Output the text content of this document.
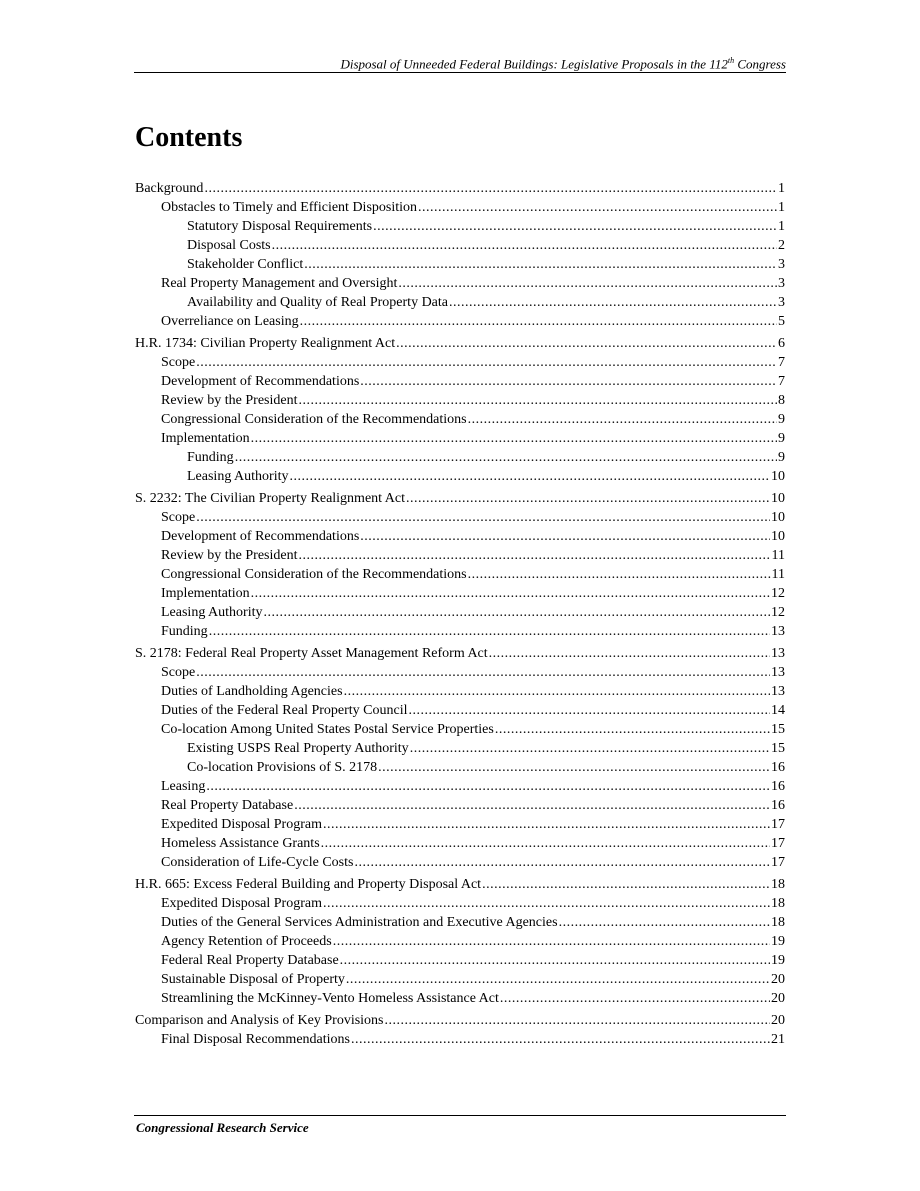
Disposal of Unneeded Federal Buildings: Legislative Proposals in the 112th Congress
Contents
Background .....	1
Obstacles to Timely and Efficient Disposition .....	1
Statutory Disposal Requirements .....	1
Disposal Costs .....	2
Stakeholder Conflict .....	3
Real Property Management and Oversight .....	3
Availability and Quality of Real Property Data .....	3
Overreliance on Leasing .....	5
H.R. 1734: Civilian Property Realignment Act .....	6
Scope .....	7
Development of Recommendations .....	7
Review by the President .....	8
Congressional Consideration of the Recommendations .....	9
Implementation .....	9
Funding .....	9
Leasing Authority .....	10
S. 2232: The Civilian Property Realignment Act .....	10
Scope .....	10
Development of Recommendations .....	10
Review by the President .....	11
Congressional Consideration of the Recommendations .....	11
Implementation .....	12
Leasing Authority .....	12
Funding .....	13
S. 2178: Federal Real Property Asset Management Reform Act .....	13
Scope .....	13
Duties of Landholding Agencies .....	13
Duties of the Federal Real Property Council .....	14
Co-location Among United States Postal Service Properties .....	15
Existing USPS Real Property Authority .....	15
Co-location Provisions of S. 2178 .....	16
Leasing .....	16
Real Property Database .....	16
Expedited Disposal Program .....	17
Homeless Assistance Grants .....	17
Consideration of Life-Cycle Costs .....	17
H.R. 665: Excess Federal Building and Property Disposal Act .....	18
Expedited Disposal Program .....	18
Duties of the General Services Administration and Executive Agencies .....	18
Agency Retention of Proceeds .....	19
Federal Real Property Database .....	19
Sustainable Disposal of Property .....	20
Streamlining the McKinney-Vento Homeless Assistance Act .....	20
Comparison and Analysis of Key Provisions .....	20
Final Disposal Recommendations .....	21
Congressional Research Service
